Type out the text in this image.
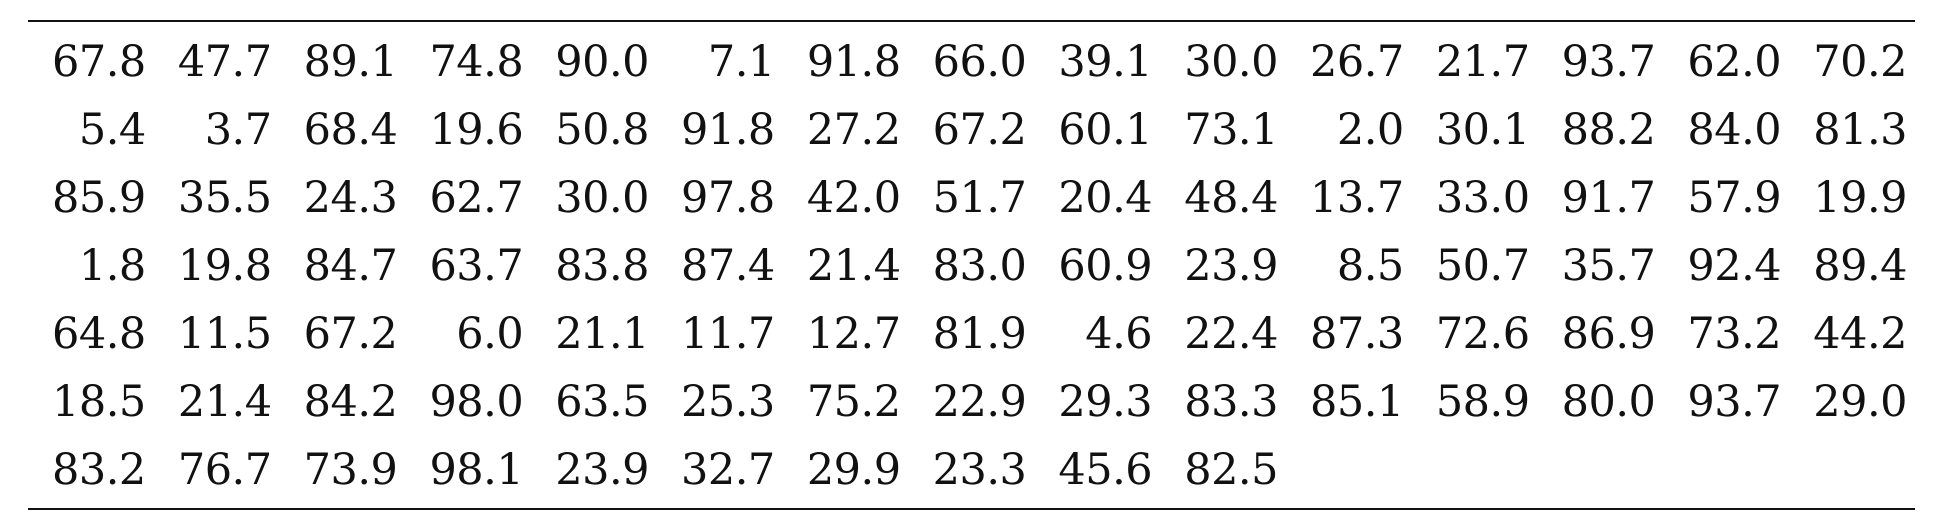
67.8	47.7	89.1	74.8	90.0	7.1	91.8	66.0	39.1	30.0	26.7	21.7	93.7	62.0	70.2
5.4	3.7	68.4	19.6	50.8	91.8	27.2	67.2	60.1	73.1	2.0	30.1	88.2	84.0	81.3
85.9	35.5	24.3	62.7	30.0	97.8	42.0	51.7	20.4	48.4	13.7	33.0	91.7	57.9	19.9
1.8	19.8	84.7	63.7	83.8	87.4	21.4	83.0	60.9	23.9	8.5	50.7	35.7	92.4	89.4
64.8	11.5	67.2	6.0	21.1	11.7	12.7	81.9	4.6	22.4	87.3	72.6	86.9	73.2	44.2
18.5	21.4	84.2	98.0	63.5	25.3	75.2	22.9	29.3	83.3	85.1	58.9	80.0	93.7	29.0
83.2	76.7	73.9	98.1	23.9	32.7	29.9	23.3	45.6	82.5					
